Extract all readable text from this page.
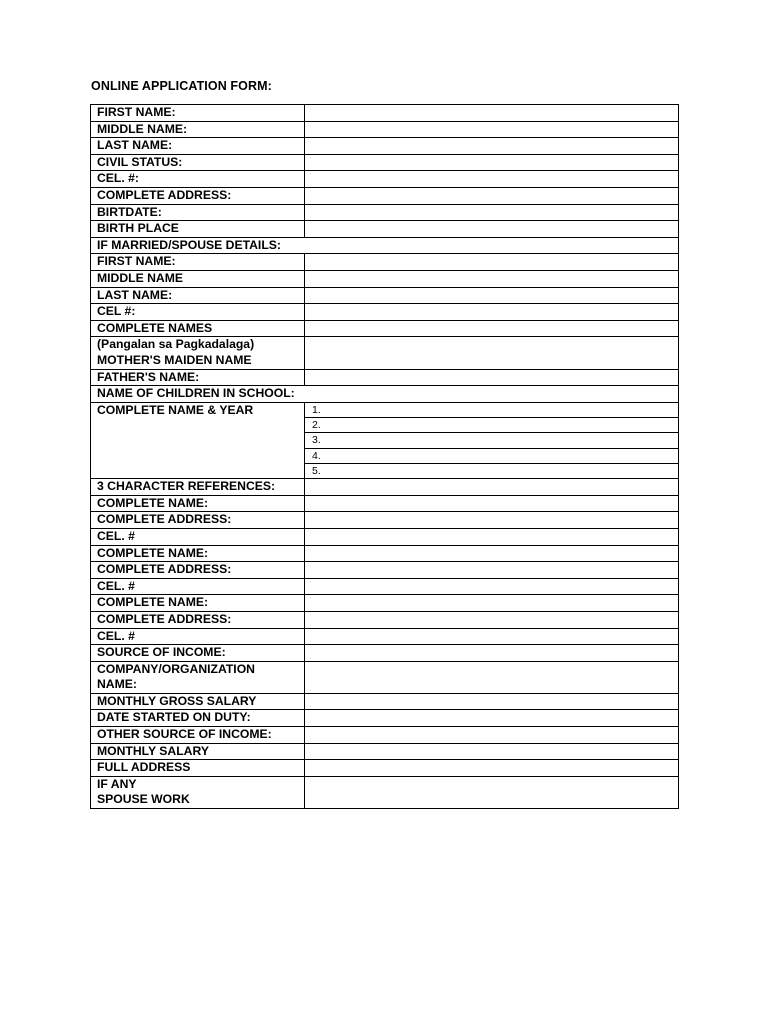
ONLINE APPLICATION FORM:
FIRST NAME:	
MIDDLE NAME:	
LAST NAME:	
CIVIL STATUS:	
CEL. #:	
COMPLETE ADDRESS:	
BIRTDATE:	
BIRTH PLACE	
IF MARRIED/SPOUSE DETAILS:	
FIRST NAME:	
MIDDLE NAME	
LAST NAME:	
CEL #:	
COMPLETE NAMES	

(Pangalan sa Pagkadalaga)
MOTHER'S MAIDEN NAME	

FATHER'S NAME:	
NAME OF CHILDREN IN SCHOOL:	
COMPLETE NAME & YEAR	1.
	2.
	3.
	4.
	5.
3 CHARACTER REFERENCES:	
COMPLETE NAME:	
COMPLETE ADDRESS:	
CEL. #	
COMPLETE NAME:	
COMPLETE ADDRESS:	
CEL. #	
COMPLETE NAME:	
COMPLETE ADDRESS:	
CEL. #	
SOURCE OF INCOME:	

COMPANY/ORGANIZATION
NAME:	

MONTHLY GROSS SALARY	
DATE STARTED ON DUTY:	
OTHER SOURCE OF INCOME:	
MONTHLY SALARY	
FULL ADDRESS	

IF ANY
SPOUSE WORK	
